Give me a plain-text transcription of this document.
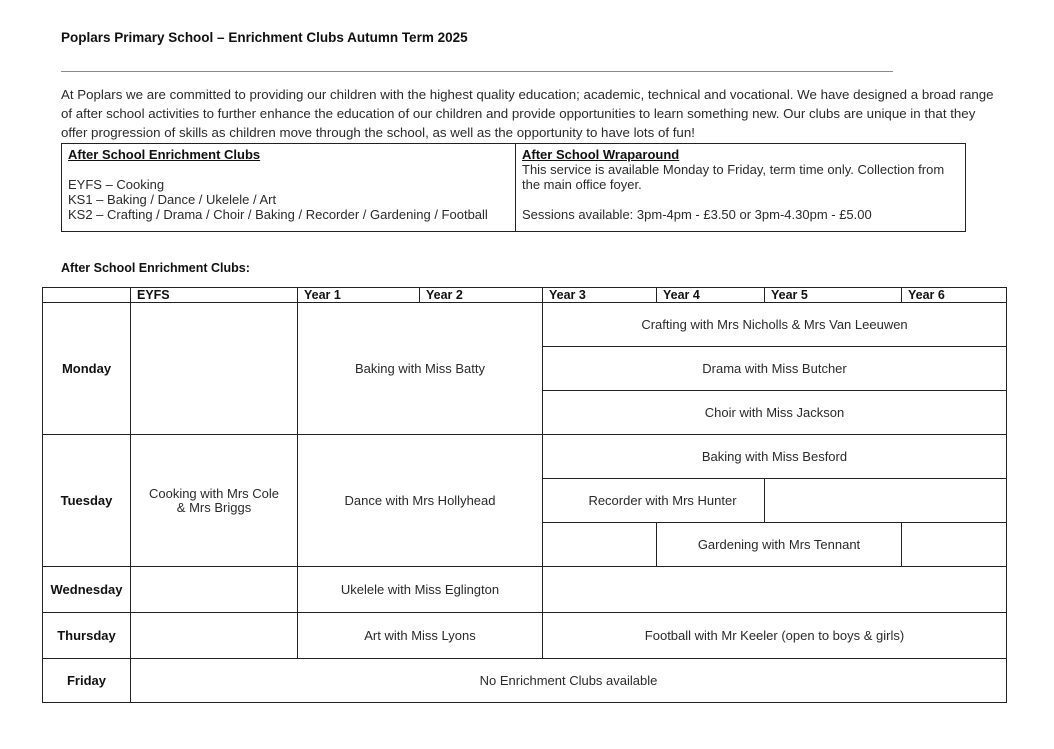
Poplars Primary School – Enrichment Clubs Autumn Term 2025
At Poplars we are committed to providing our children with the highest quality education; academic, technical and vocational. We have designed a broad range of after school activities to further enhance the education of our children and provide opportunities to learn something new. Our clubs are unique in that they offer progression of skills as children move through the school, as well as the opportunity to have lots of fun!

After School Enrichment Clubs

EYFS – Cooking

KS1 – Baking / Dance / Ukelele / Art

KS2 – Crafting / Drama / Choir / Baking / Recorder / Gardening / Football

After School Wraparound

This service is available Monday to Friday, term time only. Collection from the main office foyer.

Sessions available: 3pm-4pm - £3.50 or 3pm-4.30pm - £5.00

After School Enrichment Clubs:
	EYFS	Year 1	Year 2	Year 3	Year 4	Year 5	Year 6
Monday		Baking with Miss Batty		Crafting with Mrs Nicholls & Mrs Van Leeuwen			
				Drama with Miss Butcher			
				Choir with Miss Jackson			
Tuesday	Cooking with Mrs Cole & Mrs Briggs	Dance with Mrs Hollyhead		Baking with Miss Besford			
				Recorder with Mrs Hunter			
					Gardening with Mrs Tennant		
Wednesday		Ukelele with Miss Eglington					
Thursday		Art with Miss Lyons		Football with Mr Keeler (open to boys & girls)			
Friday	No Enrichment Clubs available						
